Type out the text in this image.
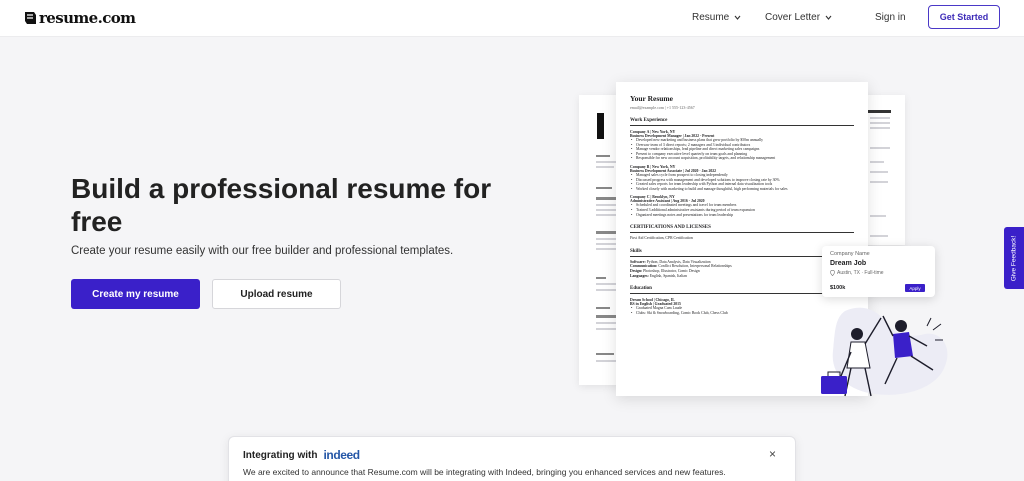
resume.com	Resume	Cover Letter	Sign in	Get Started
Build a professional resume for free

Create your resume easily with our free builder and professional templates.

Create my resume	Upload resume
Your Resume
email@example.com | +1 555-123-4567
Work Experience
Company A | New York, NY
Business Development Manager | Jan 2022 - Present
• Developed new marketing and business plans that grew portfolio by $50m annually
• Oversaw team of 3 direct reports; 2 managers and 3 individual contributors
• Manage vendor relationships, lead pipeline and direct marketing sales campaigns
• Present to company executive level quarterly on team goals and planning
• Responsible for new account acquisition, profitability targets, and relationship management
Company B | New York, NY
Business Development Associate | Jul 2020 - Jan 2022
• Managed sales cycle from prospect to closing independently
• Discussed progress with management and developed solutions to improve closing rate by 30%
• Created sales reports for team leadership with Python and internal data visualization tools
• Worked closely with marketing to build and manage thoughtful, high performing materials for sales
Company C | Brooklyn, NY
Administrative Assistant | Aug 2016 - Jul 2020
• Scheduled and coordinated meetings and travel for team members
• Trained 3 additional administrative assistants during period of team expansion
• Organized meetings notes and presentations for team leadership
CERTIFICATIONS AND LICENSES
First Aid Certification, CPR Certification
Skills
Software: Python, Data Analysis, Data Visualization
Communication: Conflict Resolution, Interpersonal Relationships
Design: Photoshop, Illustrator, Comic Design
Languages: English, Spanish, Italian
Education
Dream School | Chicago, IL
BS in English | Graduated 2015
• Graduated Magna Cum Laude
• Clubs: Ski & Snowboarding, Comic Book Club, Chess Club
Company Name
Dream Job
Austin, TX · Full-time
$100k	Apply
Give Feedback!
Integrating with indeed
We are excited to announce that Resume.com will be integrating with Indeed, bringing you enhanced services and new features.
×
